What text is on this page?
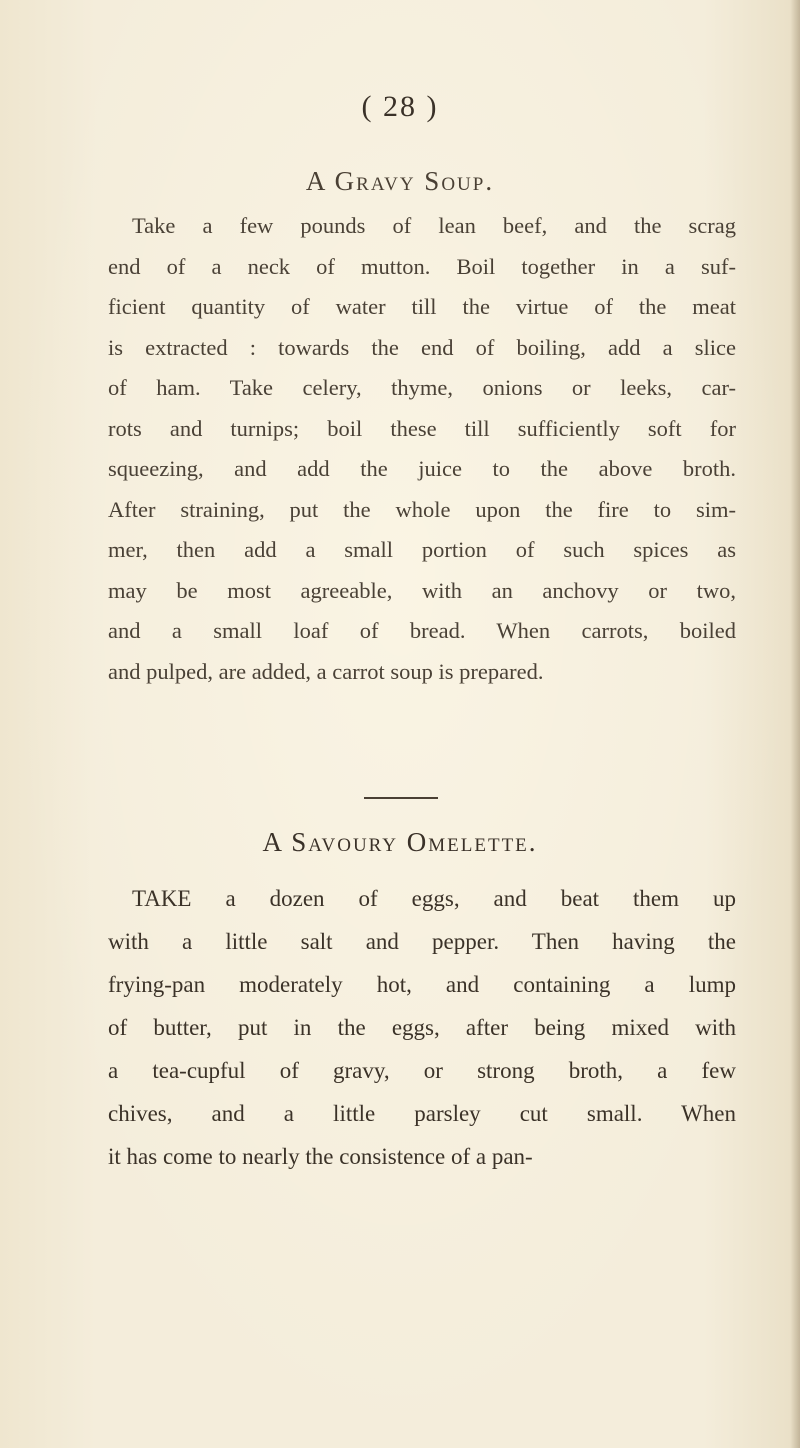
( 28 )
A Gravy Soup.
Take a few pounds of lean beef, and the scrag
end of a neck of mutton. Boil together in a suf-
ficient quantity of water till the virtue of the meat
is extracted : towards the end of boiling, add a slice
of ham. Take celery, thyme, onions or leeks, car-
rots and turnips; boil these till sufficiently soft for
squeezing, and add the juice to the above broth.
After straining, put the whole upon the fire to sim-
mer, then add a small portion of such spices as
may be most agreeable, with an anchovy or two,
and a small loaf of bread. When carrots, boiled
and pulped, are added, a carrot soup is prepared.
A Savoury Omelette.
TAKE a dozen of eggs, and beat them up
with a little salt and pepper. Then having the
frying-pan moderately hot, and containing a lump
of butter, put in the eggs, after being mixed with
a tea-cupful of gravy, or strong broth, a few
chives, and a little parsley cut small. When
it has come to nearly the consistence of a pan-
